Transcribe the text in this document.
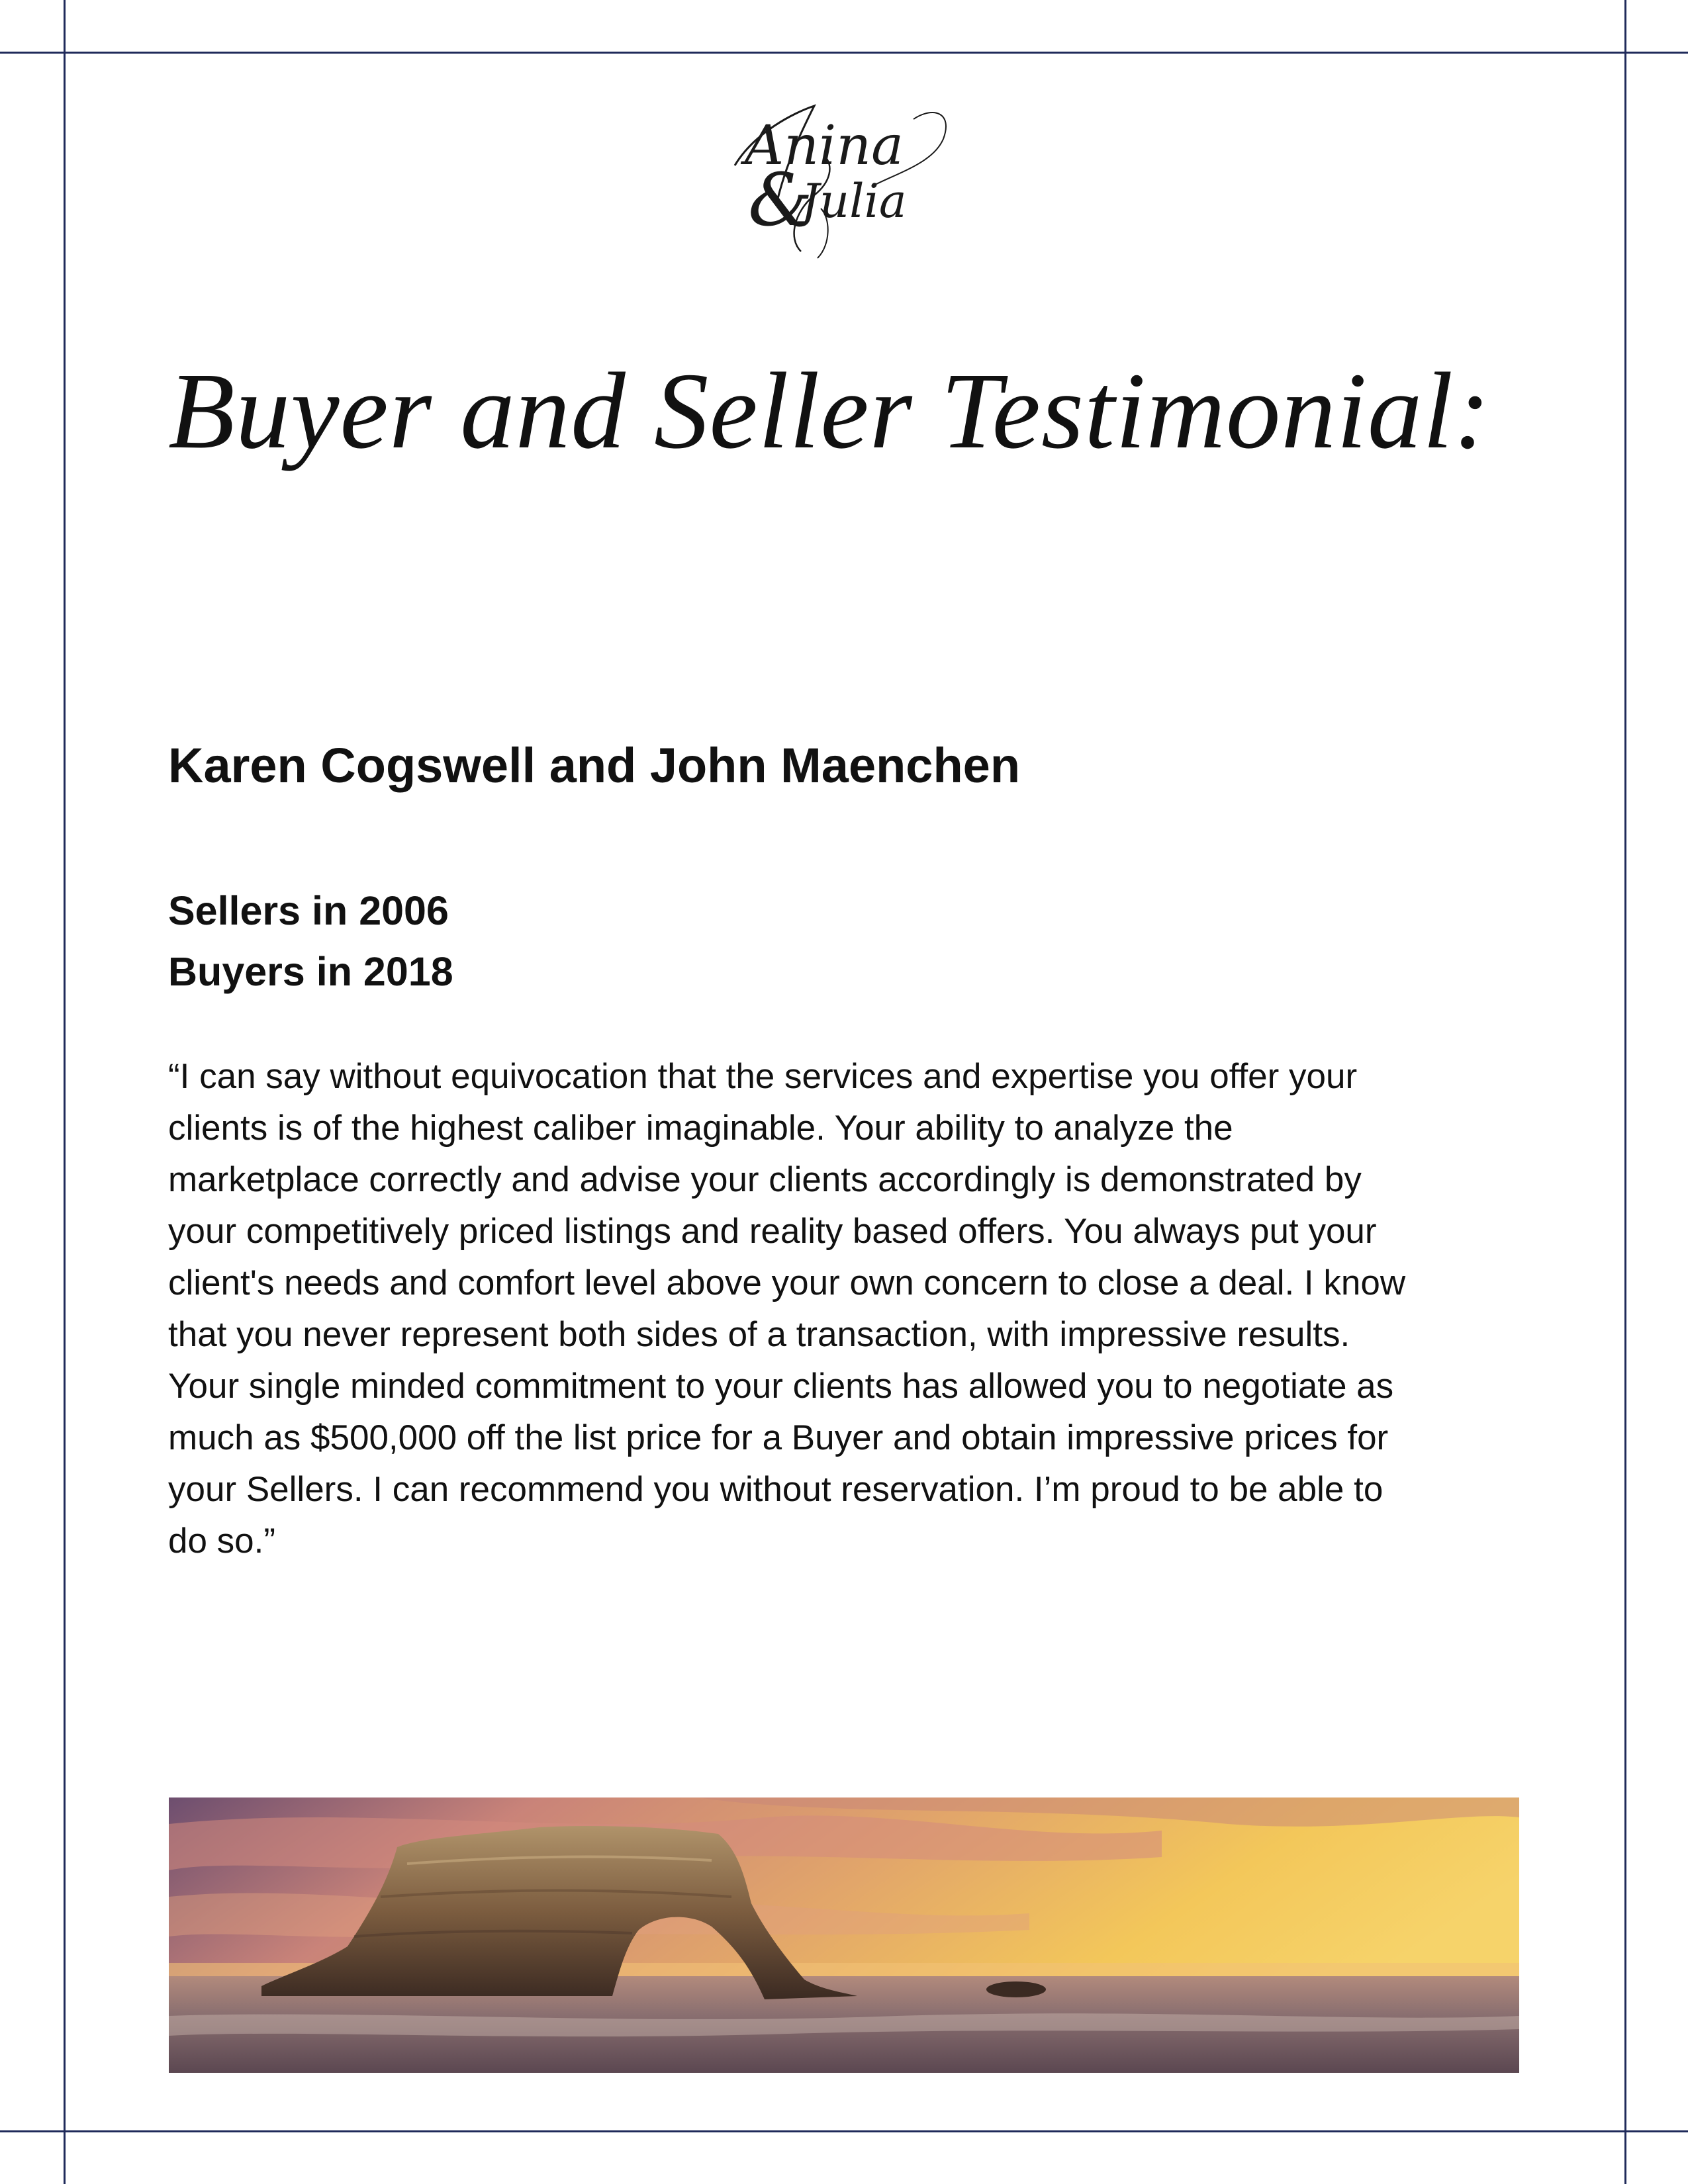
Anina
&
Julia
Buyer and Seller Testimonial:
Karen Cogswell and John Maenchen
Sellers in 2006
Buyers in 2018

“I can say without equivocation that the services and expertise you offer your
clients is of the highest caliber imaginable. Your ability to analyze the
marketplace correctly and advise your clients accordingly is demonstrated by
your competitively priced listings and reality based offers. You always put your
client's needs and comfort level above your own concern to close a deal. I know
that you never represent both sides of a transaction, with impressive results.
Your single minded commitment to your clients has allowed you to negotiate as
much as $500,000 off the list price for a Buyer and obtain impressive prices for
your Sellers. I can recommend you without reservation. I’m proud to be able to
do so.”
